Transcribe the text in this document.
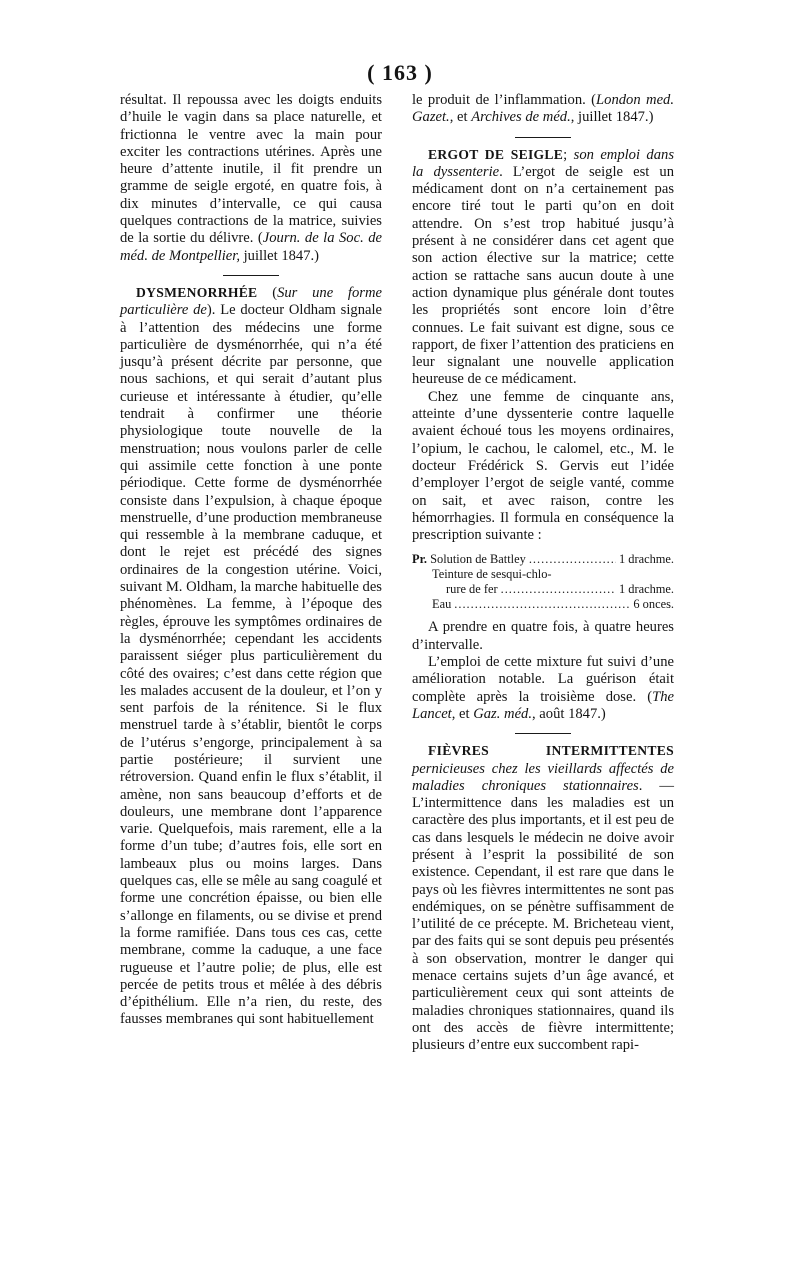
( 163 )

résultat. Il repoussa avec les doigts enduits d’huile le vagin dans sa place naturelle, et frictionna le ventre avec la main pour exciter les contractions utérines. Après une heure d’attente inutile, il fit prendre un gramme de seigle ergoté, en quatre fois, à dix minutes d’intervalle, ce qui causa quelques contractions de la matrice, suivies de la sortie du délivre. (Journ. de la Soc. de méd. de Montpellier, juillet 1847.)

DYSMENORRHÉE (Sur une forme particulière de). Le docteur Oldham signale à l’attention des médecins une forme particulière de dysménorrhée, qui n’a été jusqu’à présent décrite par personne, que nous sachions, et qui serait d’autant plus curieuse et intéressante à étudier, qu’elle tendrait à confirmer une théorie physiologique toute nouvelle de la menstruation; nous voulons parler de celle qui assimile cette fonction à une ponte périodique. Cette forme de dysménorrhée consiste dans l’expulsion, à chaque époque menstruelle, d’une production membraneuse qui ressemble à la membrane caduque, et dont le rejet est précédé des signes ordinaires de la congestion utérine. Voici, suivant M. Oldham, la marche habituelle des phénomènes. La femme, à l’époque des règles, éprouve les symptômes ordinaires de la dysménorrhée; cependant les accidents paraissent siéger plus particulièrement du côté des ovaires; c’est dans cette région que les malades accusent de la douleur, et l’on y sent parfois de la rénitence. Si le flux menstruel tarde à s’établir, bientôt le corps de l’utérus s’engorge, principalement à sa partie postérieure; il survient une rétroversion. Quand enfin le flux s’établit, il amène, non sans beaucoup d’efforts et de douleurs, une membrane dont l’apparence varie. Quelquefois, mais rarement, elle a la forme d’un tube; d’autres fois, elle sort en lambeaux plus ou moins larges. Dans quelques cas, elle se mêle au sang coagulé et forme une concrétion épaisse, ou bien elle s’allonge en filaments, ou se divise et prend la forme ramifiée. Dans tous ces cas, cette membrane, comme la caduque, a une face rugueuse et l’autre polie; de plus, elle est percée de petits trous et mêlée à des débris d’épithélium. Elle n’a rien, du reste, des fausses membranes qui sont habituellement

le produit de l’inflammation. (London med. Gazet., et Archives de méd., juillet 1847.)

ERGOT DE SEIGLE; son emploi dans la dyssenterie. L’ergot de seigle est un médicament dont on n’a certainement pas encore tiré tout le parti qu’on en doit attendre. On s’est trop habitué jusqu’à présent à ne considérer dans cet agent que son action élective sur la matrice; cette action se rattache sans aucun doute à une action dynamique plus générale dont toutes les propriétés sont encore loin d’être connues. Le fait suivant est digne, sous ce rapport, de fixer l’attention des praticiens en leur signalant une nouvelle application heureuse de ce médicament.

Chez une femme de cinquante ans, atteinte d’une dyssenterie contre laquelle avaient échoué tous les moyens ordinaires, l’opium, le cachou, le calomel, etc., M. le docteur Frédérick S. Gervis eut l’idée d’employer l’ergot de seigle vanté, comme on sait, et avec raison, contre les hémorrhagies. Il formula en conséquence la prescription suivante :

Pr. Solution de Battley .....	1 drachme.
Teinture de sesqui-chlo-
rure de fer .....	1 drachme.
Eau .....	6 onces.

A prendre en quatre fois, à quatre heures d’intervalle.

L’emploi de cette mixture fut suivi d’une amélioration notable. La guérison était complète après la troisième dose. (The Lancet, et Gaz. méd., août 1847.)

FIÈVRES INTERMITTENTES pernicieuses chez les vieillards affectés de maladies chroniques stationnaires. — L’intermittence dans les maladies est un caractère des plus importants, et il est peu de cas dans lesquels le médecin ne doive avoir présent à l’esprit la possibilité de son existence. Cependant, il est rare que dans le pays où les fièvres intermittentes ne sont pas endémiques, on se pénètre suffisamment de l’utilité de ce précepte. M. Bricheteau vient, par des faits qui se sont depuis peu présentés à son observation, montrer le danger qui menace certains sujets d’un âge avancé, et particulièrement ceux qui sont atteints de maladies chroniques stationnaires, quand ils ont des accès de fièvre intermittente; plusieurs d’entre eux succombent rapi-
